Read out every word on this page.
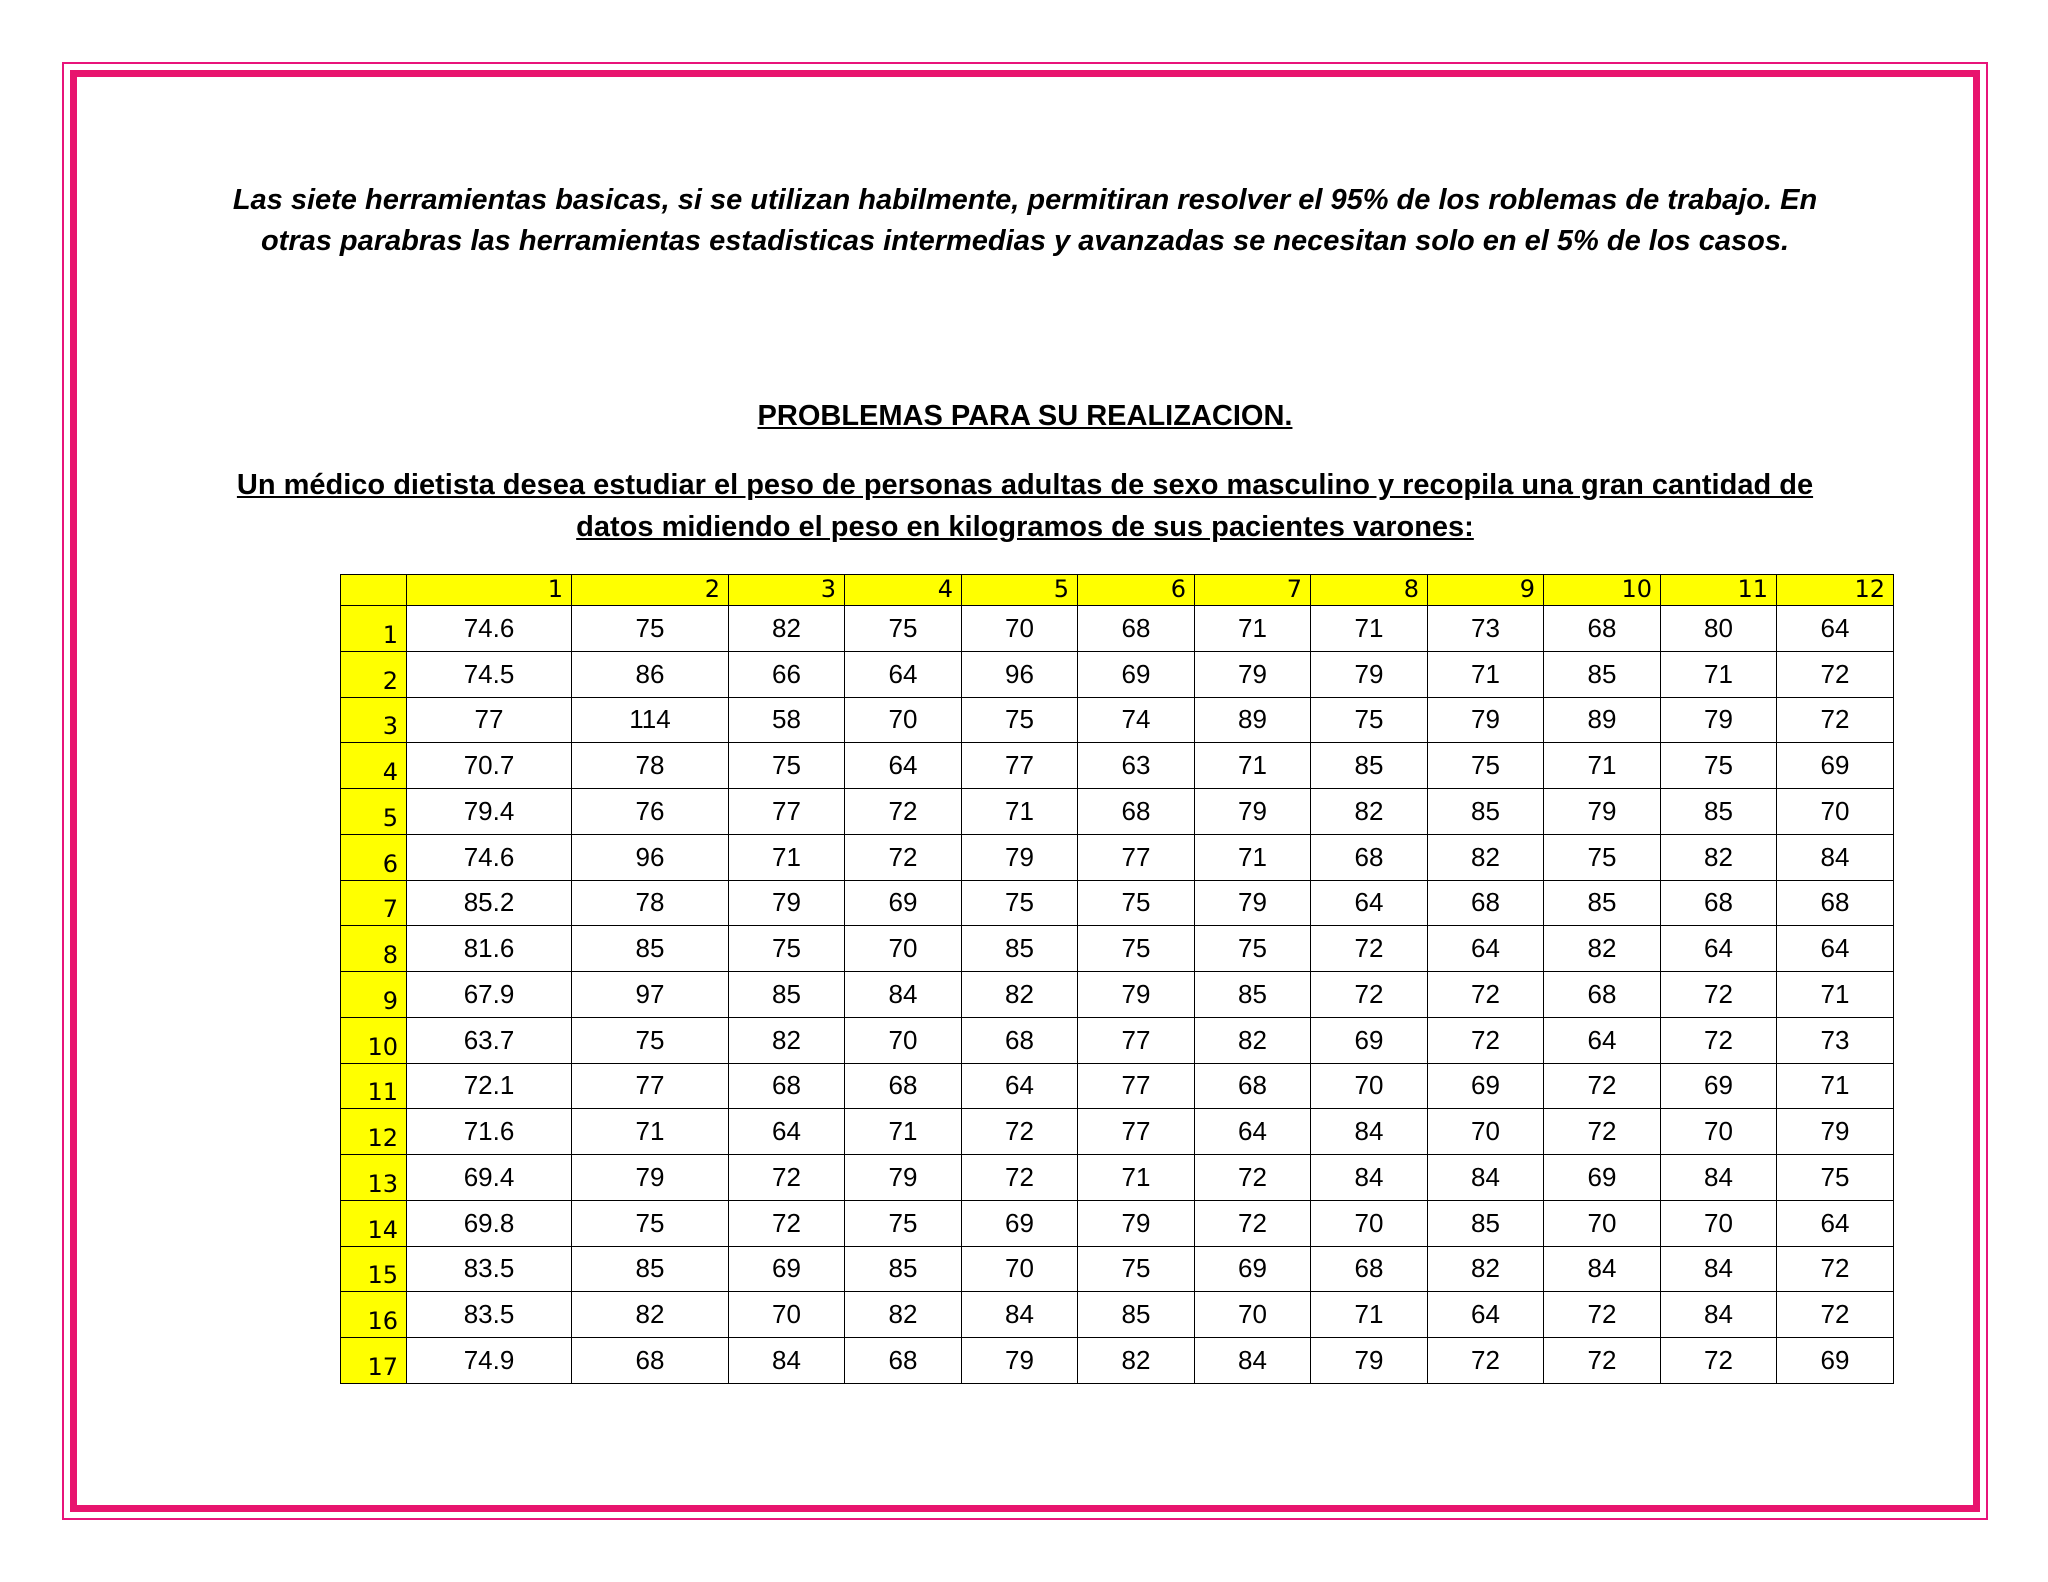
Las siete herramientas basicas, si se utilizan habilmente, permitiran resolver el 95% de los roblemas de trabajo. En otras parabras las herramientas estadisticas intermedias y avanzadas se necesitan solo en el 5% de los casos.
PROBLEMAS PARA SU REALIZACION.
Un médico dietista desea estudiar el peso de personas adultas de sexo masculino y recopila una gran cantidad de datos midiendo el peso en kilogramos de sus pacientes varones:
	1	2	3	4	5	6	7	8	9	10	11	12
1	74.6	75	82	75	70	68	71	71	73	68	80	64
2	74.5	86	66	64	96	69	79	79	71	85	71	72
3	77	114	58	70	75	74	89	75	79	89	79	72
4	70.7	78	75	64	77	63	71	85	75	71	75	69
5	79.4	76	77	72	71	68	79	82	85	79	85	70
6	74.6	96	71	72	79	77	71	68	82	75	82	84
7	85.2	78	79	69	75	75	79	64	68	85	68	68
8	81.6	85	75	70	85	75	75	72	64	82	64	64
9	67.9	97	85	84	82	79	85	72	72	68	72	71
10	63.7	75	82	70	68	77	82	69	72	64	72	73
11	72.1	77	68	68	64	77	68	70	69	72	69	71
12	71.6	71	64	71	72	77	64	84	70	72	70	79
13	69.4	79	72	79	72	71	72	84	84	69	84	75
14	69.8	75	72	75	69	79	72	70	85	70	70	64
15	83.5	85	69	85	70	75	69	68	82	84	84	72
16	83.5	82	70	82	84	85	70	71	64	72	84	72
17	74.9	68	84	68	79	82	84	79	72	72	72	69
